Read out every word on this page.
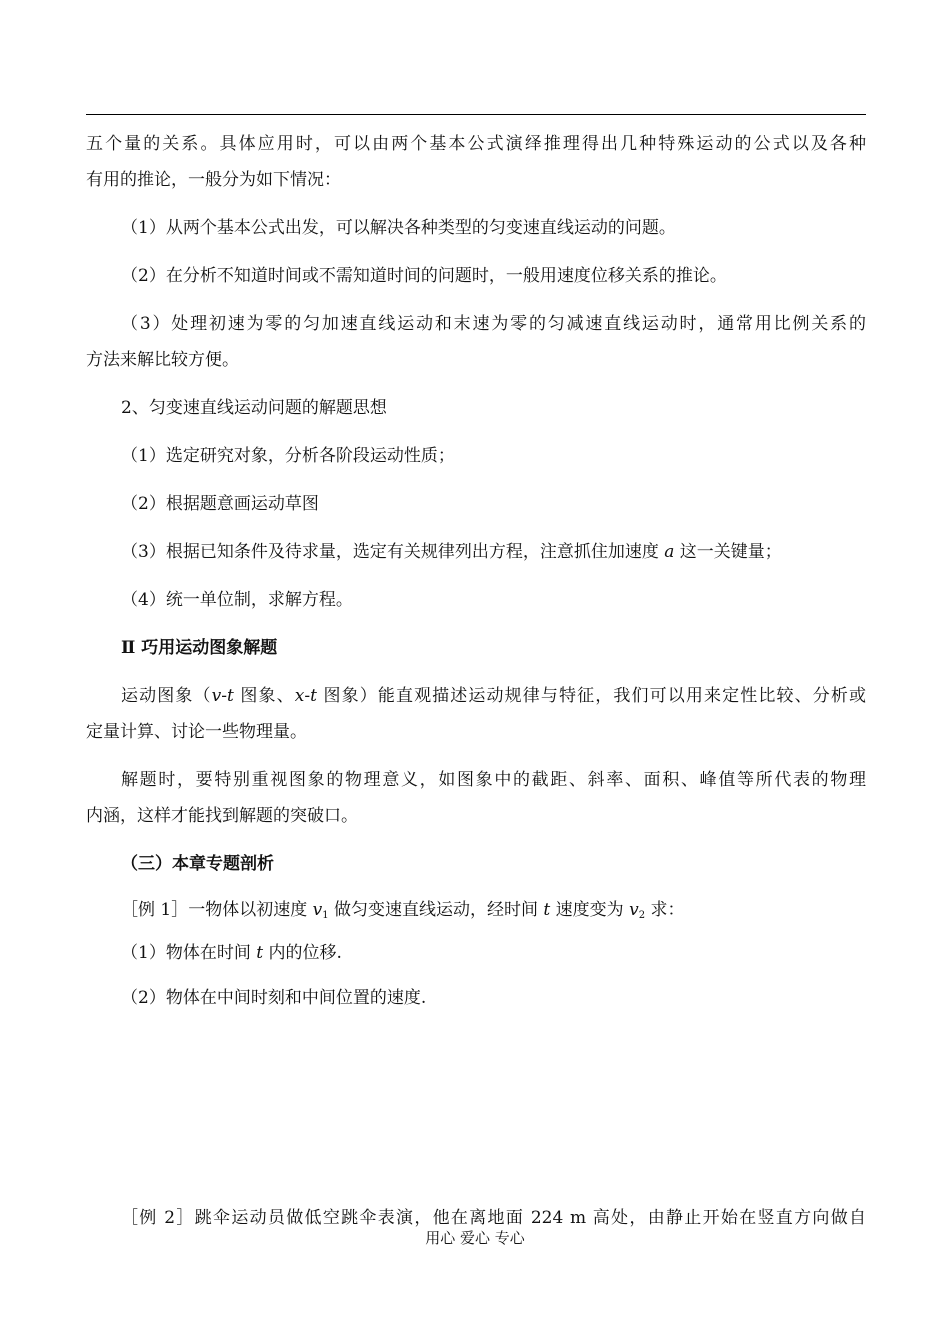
五个量的关系。具体应用时，可以由两个基本公式演绎推理得出几种特殊运动的公式以及各种
有用的推论，一般分为如下情况：
（1）从两个基本公式出发，可以解决各种类型的匀变速直线运动的问题。
（2）在分析不知道时间或不需知道时间的问题时，一般用速度位移关系的推论。
（3）处理初速为零的匀加速直线运动和末速为零的匀减速直线运动时，通常用比例关系的
方法来解比较方便。
2、匀变速直线运动问题的解题思想
（1）选定研究对象，分析各阶段运动性质；
（2）根据题意画运动草图
（3）根据已知条件及待求量，选定有关规律列出方程，注意抓住加速度 a 这一关键量；
（4）统一单位制，求解方程。
Ⅱ 巧用运动图象解题
运动图象（v-t 图象、x-t 图象）能直观描述运动规律与特征，我们可以用来定性比较、分析或
定量计算、讨论一些物理量。
解题时，要特别重视图象的物理意义，如图象中的截距、斜率、面积、峰值等所代表的物理
内涵，这样才能找到解题的突破口。
（三）本章专题剖析
［例 1］一物体以初速度 $v_1$ 做匀变速直线运动，经时间 t 速度变为 $v_2$ 求：
（1）物体在时间 t 内的位移.
（2）物体在中间时刻和中间位置的速度.
［例 2］跳伞运动员做低空跳伞表演，他在离地面 224 m 高处，由静止开始在竖直方向做自
用心 爱心 专心
